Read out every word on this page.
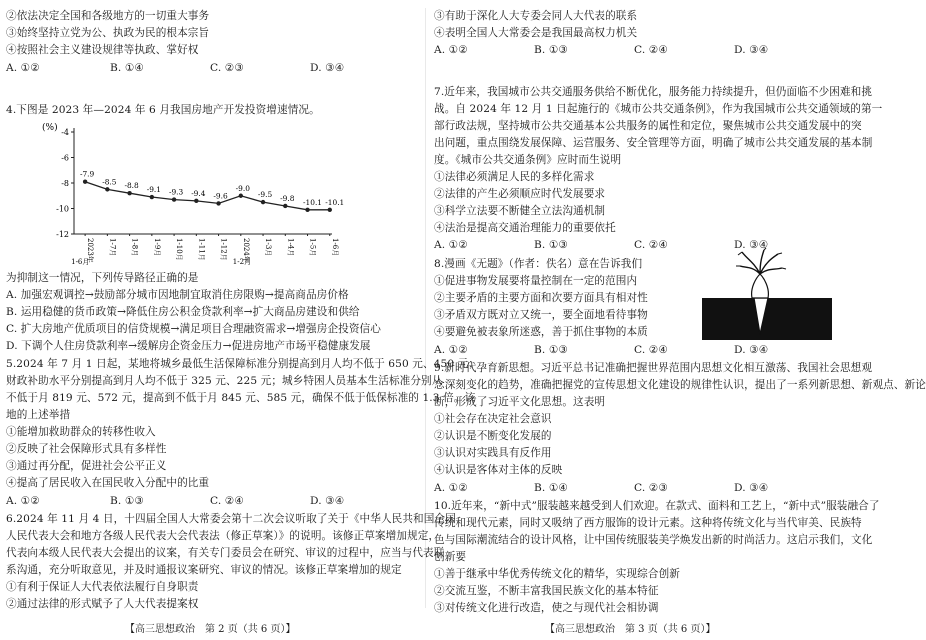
②依法决定全国和各级地方的一切重大事务
③始终坚持立党为公、执政为民的根本宗旨
④按照社会主义建设规律等执政、掌好权
A. ①②	B. ①④	C. ②③	D. ③④
4.下图是 2023 年—2024 年 6 月我国房地产开发投资增速情况。
(%) -4
-6
-8
-10
-12
-7.9
-8.5 -8.8 -9.1 -9.3 -9.4 -9.6
-9.0
-9.5 -9.8 -10.1 -10.1
2023年 1-7月 1-8月 1-9月 1-10月 1-11月 1-12月 2024年 1-3月 1-4月 1-5月 1-6月
1-6月	1-2月
为抑制这一情况，下列传导路径正确的是
A. 加强宏观调控→鼓励部分城市因地制宜取消住房限购→提高商品房价格
B. 运用稳健的货币政策→降低住房公积金贷款利率→扩大商品房建设和供给
C. 扩大房地产优质项目的信贷规模→满足项目合理融资需求→增强房企投资信心
D. 下调个人住房贷款利率→缓解房企资金压力→促进房地产市场平稳健康发展
5.2024 年 7 月 1 日起，某地将城乡最低生活保障标准分别提高到月人均不低于 650 元、450 元；
财政补助水平分别提高到月人均不低于 325 元、225 元；城乡特困人员基本生活标准分别从
不低于月 819 元、572 元，提高到不低于月 845 元、585 元，确保不低于低保标准的 1.3 倍。该
地的上述举措
①能增加救助群众的转移性收入
②反映了社会保障形式具有多样性
③通过再分配，促进社会公平正义
④提高了居民收入在国民收入分配中的比重
A. ①②	B. ①③	C. ②④	D. ③④
6.2024 年 11 月 4 日，十四届全国人大常委会第十二次会议听取了关于《中华人民共和国全国
人民代表大会和地方各级人民代表大会代表法（修正草案）》的说明。该修正草案增加规定，
代表向本级人民代表大会提出的议案，有关专门委员会在研究、审议的过程中，应当与代表联
系沟通，充分听取意见，并及时通报议案研究、审议的情况。该修正草案增加的规定
①有利于保证人大代表依法履行自身职责
②通过法律的形式赋予了人大代表提案权
【高三思想政治　第 2 页（共 6 页）】
③有助于深化人大专委会同人大代表的联系
④表明全国人大常委会是我国最高权力机关
A. ①②	B. ①③	C. ②④	D. ③④
7.近年来，我国城市公共交通服务供给不断优化，服务能力持续提升，但仍面临不少困难和挑
战。自 2024 年 12 月 1 日起施行的《城市公共交通条例》，作为我国城市公共交通领域的第一
部行政法规，坚持城市公共交通基本公共服务的属性和定位，聚焦城市公共交通发展中的突
出问题，重点围绕发展保障、运营服务、安全管理等方面，明确了城市公共交通发展的基本制
度。《城市公共交通条例》应时而生说明
①法律必须满足人民的多样化需求
②法律的产生必须顺应时代发展要求
③科学立法要不断健全立法沟通机制
④法治是提高交通治理能力的重要依托
A. ①②	B. ①③	C. ②④	D. ③④
8.漫画《无题》（作者：佚名）意在告诉我们
①促进事物发展要将量控制在一定的范围内
②主要矛盾的主要方面和次要方面具有相对性
③矛盾双方既对立又统一，要全面地看待事物
④要避免被表象所迷惑，善于抓住事物的本质
A. ①②	B. ①③	C. ②④	D. ③④
9.新时代孕育新思想。习近平总书记准确把握世界范围内思想文化相互激荡、我国社会思想观
念深刻变化的趋势，准确把握党的宣传思想文化建设的规律性认识，提出了一系列新思想、新观点、新论
断，形成了习近平文化思想。这表明
①社会存在决定社会意识
②认识是不断变化发展的
③认识对实践具有反作用
④认识是客体对主体的反映
A. ①②	B. ①④	C. ②③	D. ③④
10.近年来，“新中式”服装越来越受到人们欢迎。在款式、面料和工艺上，“新中式”服装融合了
传统和现代元素，同时又吸纳了西方服饰的设计元素。这种将传统文化与当代审美、民族特
色与国际潮流结合的设计风格，让中国传统服装美学焕发出新的时尚活力。这启示我们，文化
创新要
①善于继承中华优秀传统文化的精华，实现综合创新
②交流互鉴，不断丰富我国民族文化的基本特征
③对传统文化进行改造，使之与现代社会相协调
【高三思想政治　第 3 页（共 6 页）】
